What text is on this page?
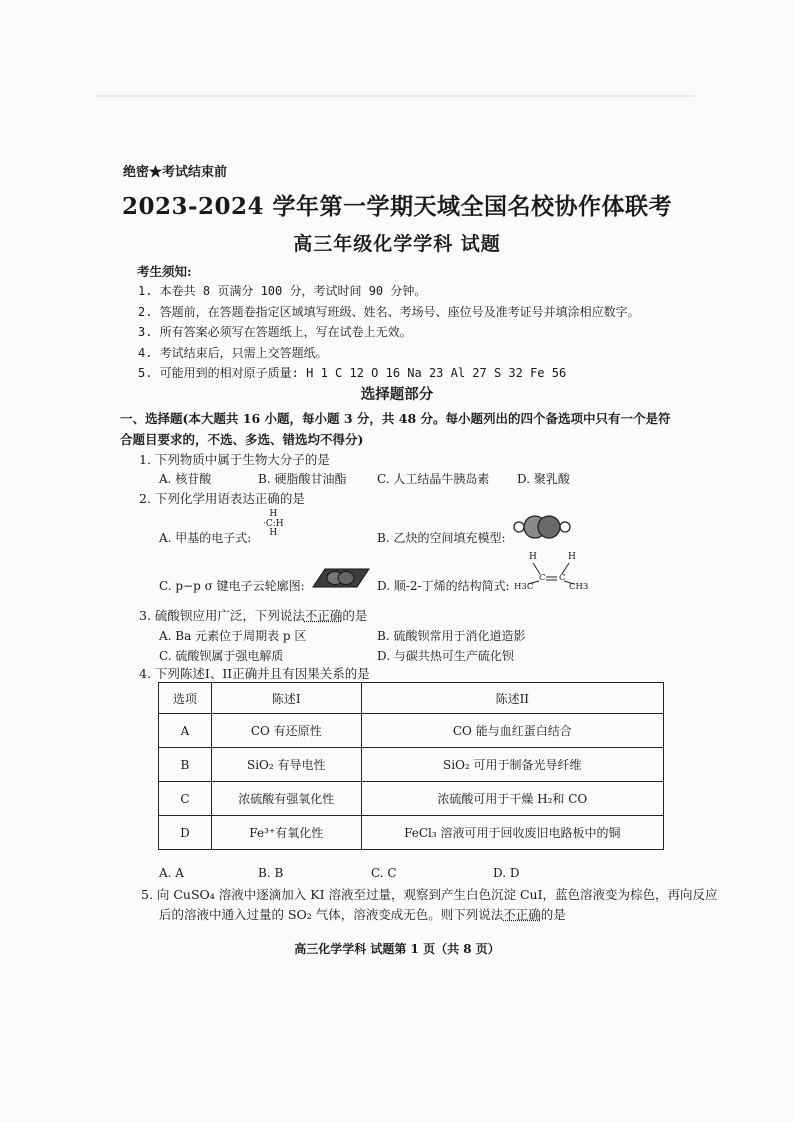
绝密★考试结束前
2023-2024 学年第一学期天域全国名校协作体联考
高三年级化学学科 试题
考生须知:
1. 本卷共 8 页满分 100 分，考试时间 90 分钟。
2. 答题前，在答题卷指定区域填写班级、姓名、考场号、座位号及准考证号并填涂相应数字。
3. 所有答案必须写在答题纸上，写在试卷上无效。
4. 考试结束后，只需上交答题纸。
5. 可能用到的相对原子质量: H 1 C 12 O 16 Na 23 Al 27 S 32 Fe 56
选择题部分
一、选择题(本大题共 16 小题，每小题 3 分，共 48 分。每小题列出的四个备选项中只有一个是符合题目要求的，不选、多选、错选均不得分)
1. 下列物质中属于生物大分子的是
A. 核苷酸	B. 硬脂酸甘油酯	C. 人工结晶牛胰岛素 D. 聚乳酸
2. 下列化学用语表达正确的是
A. 甲基的电子式:
H
·C:H
H	B. 乙炔的空间填充模型:
C. p−p σ 键电子云轮廓图:	D. 顺-2-丁烯的结构简式:
H	H
H3C	CH3
C C
3. 硫酸钡应用广泛，下列说法不正确的是
A. Ba 元素位于周期表 p 区	B. 硫酸钡常用于消化道造影
C. 硫酸钡属于强电解质	D. 与碳共热可生产硫化钡
4. 下列陈述I、II正确并且有因果关系的是
选项	陈述I	陈述II
A	CO 有还原性	CO 能与血红蛋白结合
B	SiO₂ 有导电性	SiO₂ 可用于制备光导纤维
C	浓硫酸有强氧化性	浓硫酸可用于干燥 H₂和 CO
D	Fe³⁺有氧化性	FeCl₃ 溶液可用于回收废旧电路板中的铜
A. A	B. B	C. C	D. D
5. 向 CuSO₄ 溶液中逐滴加入 KI 溶液至过量，观察到产生白色沉淀 CuI，蓝色溶液变为棕色，再向反应
后的溶液中通入过量的 SO₂ 气体，溶液变成无色。则下列说法不正确的是
高三化学学科 试题第 1 页（共 8 页）
